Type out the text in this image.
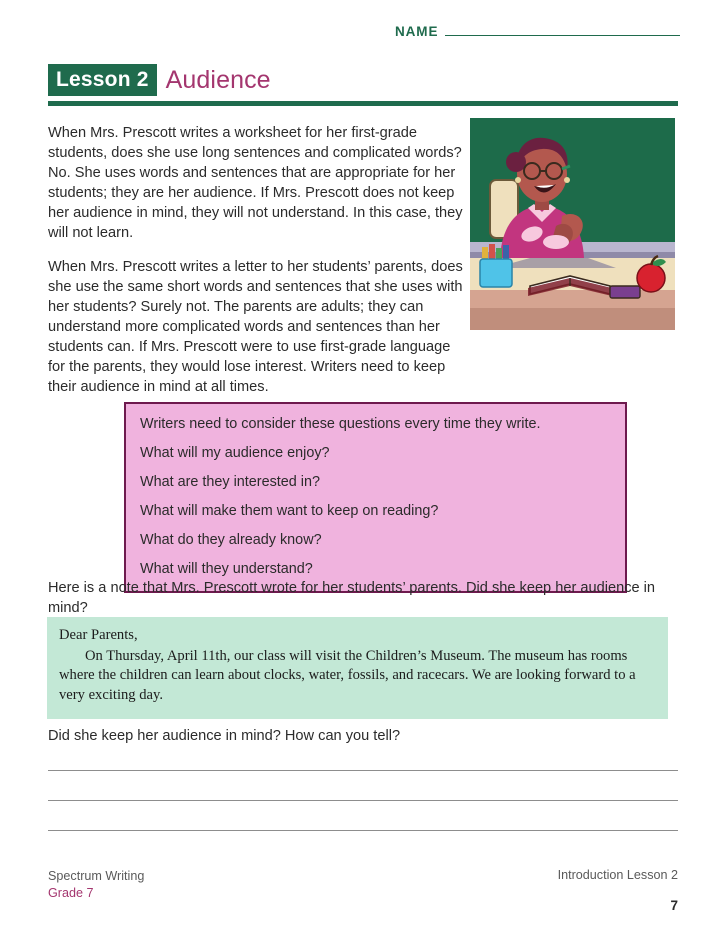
NAME
Lesson 2 Audience

When Mrs. Prescott writes a worksheet for her first-grade students, does she use long sentences and complicated words? No. She uses words and sentences that are appropriate for her students; they are her audience. If Mrs. Prescott does not keep her audience in mind, they will not understand. In this case, they will not learn.

When Mrs. Prescott writes a letter to her students’ parents, does she use the same short words and sentences that she uses with her students? Surely not. The parents are adults; they can understand more complicated words and sentences than her students can. If Mrs. Prescott were to use first-grade language for the parents, they would lose interest. Writers need to keep their audience in mind at all times.

Writers need to consider these questions every time they write.
What will my audience enjoy?
What are they interested in?
What will make them want to keep on reading?
What do they already know?
What will they understand?
Here is a note that Mrs. Prescott wrote for her students’ parents. Did she keep her audience in mind?

Dear Parents,

On Thursday, April 11th, our class will visit the Children’s Museum. The museum has rooms where the children can learn about clocks, water, fossils, and racecars. We are looking forward to a very exciting day.

Did she keep her audience in mind? How can you tell?
Spectrum Writing
Grade 7
Introduction Lesson 2
7
